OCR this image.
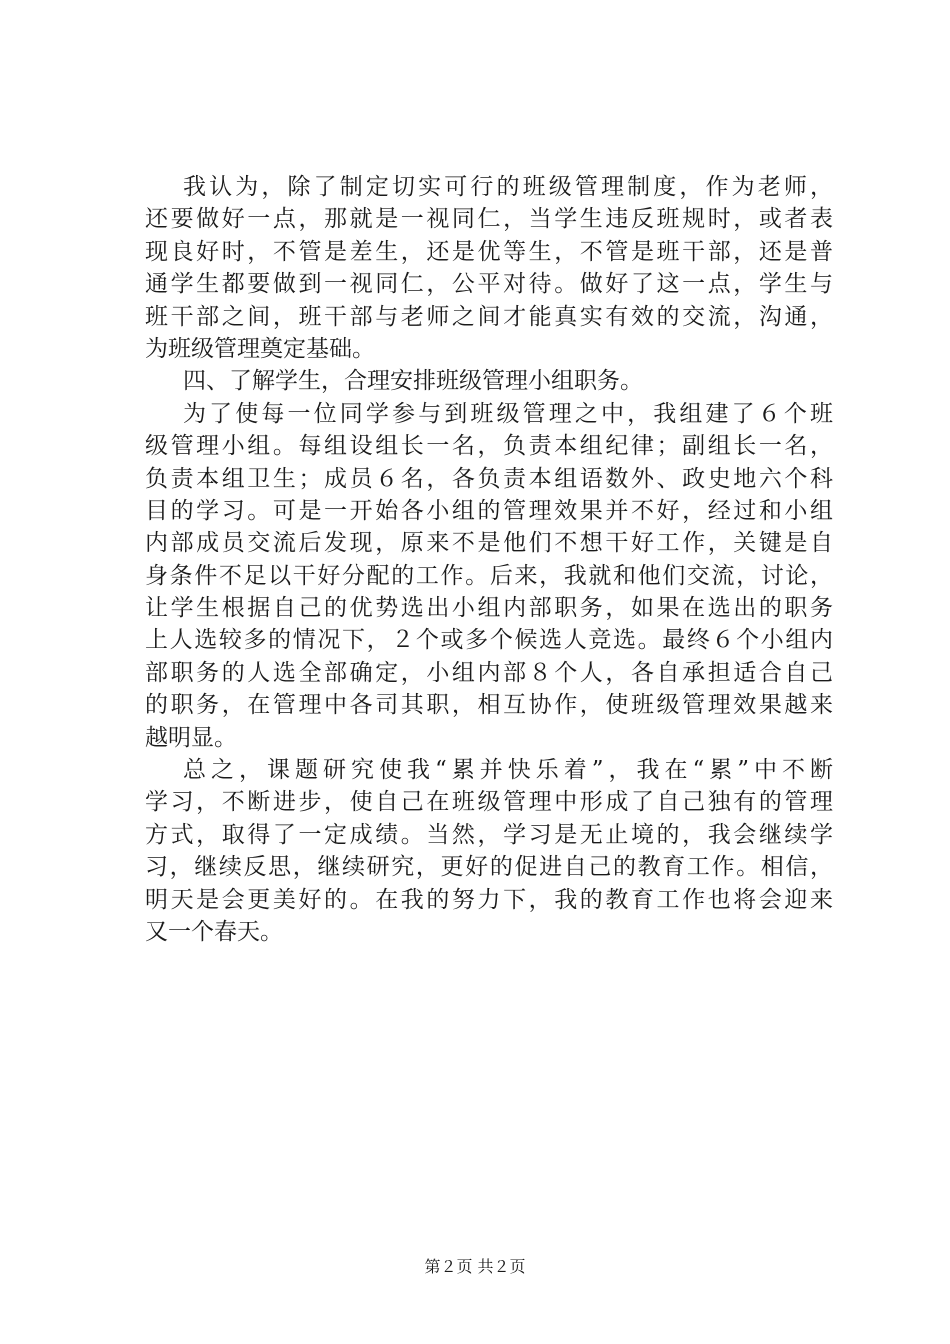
我认为，除了制定切实可行的班级管理制度，作为老师，
还要做好一点，那就是一视同仁，当学生违反班规时，或者表
现良好时，不管是差生，还是优等生，不管是班干部，还是普
通学生都要做到一视同仁，公平对待。做好了这一点，学生与
班干部之间，班干部与老师之间才能真实有效的交流，沟通，
为班级管理奠定基础。
四、了解学生，合理安排班级管理小组职务。
为了使每一位同学参与到班级管理之中，我组建了６个班
级管理小组。每组设组长一名，负责本组纪律；副组长一名，
负责本组卫生；成员６名，各负责本组语数外、政史地六个科
目的学习。可是一开始各小组的管理效果并不好，经过和小组
内部成员交流后发现，原来不是他们不想干好工作，关键是自
身条件不足以干好分配的工作。后来，我就和他们交流，讨论，
让学生根据自己的优势选出小组内部职务，如果在选出的职务
上人选较多的情况下，２个或多个候选人竞选。最终６个小组内
部职务的人选全部确定，小组内部８个人，各自承担适合自己
的职务，在管理中各司其职，相互协作，使班级管理效果越来
越明显。
总之，课题研究使我“累并快乐着”，我在“累”中不断
学习，不断进步，使自己在班级管理中形成了自己独有的管理
方式，取得了一定成绩。当然，学习是无止境的，我会继续学
习，继续反思，继续研究，更好的促进自己的教育工作。相信，
明天是会更美好的。在我的努力下，我的教育工作也将会迎来
又一个春天。
第２页 共２页
